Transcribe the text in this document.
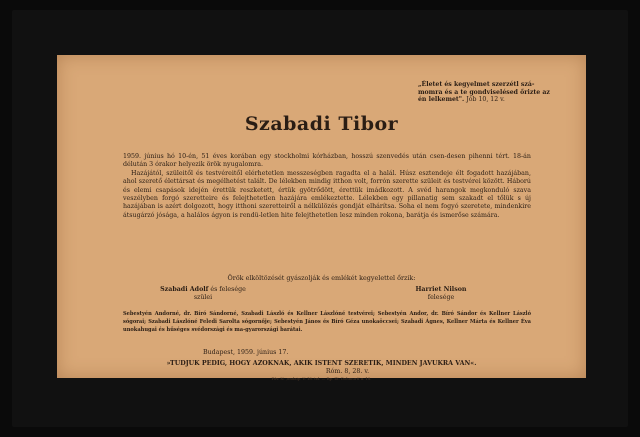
„Életet és kegyelmet szerzétl szá-momra és a te gondviselésed őrizte az én lelkemet". Jób 10, 12 v.
Szabadi Tibor

1959. június hó 10-én, 51 éves korában egy stockholmi kórházban, hosszú szenvedés után csen-desen pihenni tért. 18-án délután 3 órakor helyezik örök nyugalomra.

Hazájától, szüleitől és testvéreitől elérhetetlen messzeségben ragadta el a halál. Húsz esztendeje élt fogadott hazájában, ahol szerető élettársat és megélhetést talált. De lélekben mindig itthon volt, forrón szerette szüleit és testvérei között. Háború és elemi csapások idején érettük reszketett, értük gyötrődött, érettük imádkozott. A svéd harangok megkonduló szava veszélyben forgó szeretteire és felejthetetlen hazájára emlékeztette. Lélekben egy pillanatig sem szakadt el tőlük s új hazájában is azért dolgozott, hogy itthoni szeretteiről a nélkülözés gondját elhárítsa. Soha el nem fogyó szeretete, mindenkire átsugárzó jósága, a halálos ágyon is rendü-letlen hite felejthetetlen lesz minden rokona, barátja és ismerőse számára.

Örök elköltözését gyászolják és emlékét kegyelettel őrzik:
Szabadi Adolf és felesége
szülei
Harriet Nilson
felesége
Sebestyén Andorné, dr. Bíró Sándorné, Szabadi László és Kellner Lászlóné testvérei; Sebestyén Andor, dr. Bíró Sándor és Kellner László sógorai; Szabadi Lászlóné Feledi Sarolta sógornője; Sebestyén János és Bíró Géza unokaöccsei; Szabadi Ágnes, Kellner Márta és Kellner Éva unokahugai és hűséges svédországi és ma-gyarországi barátai.
Budapest, 1959. június 17.
»TUDJUK PEDIG, HOGY AZOKNAK, AKIK ISTENT SZERETIK, MINDEN JAVUKRA VAN«.
Róm. 8, 28. v.
Főv. N. ,ondaip. V. 18. tel. — Rp. IX. Dohmurtí u. 18.
